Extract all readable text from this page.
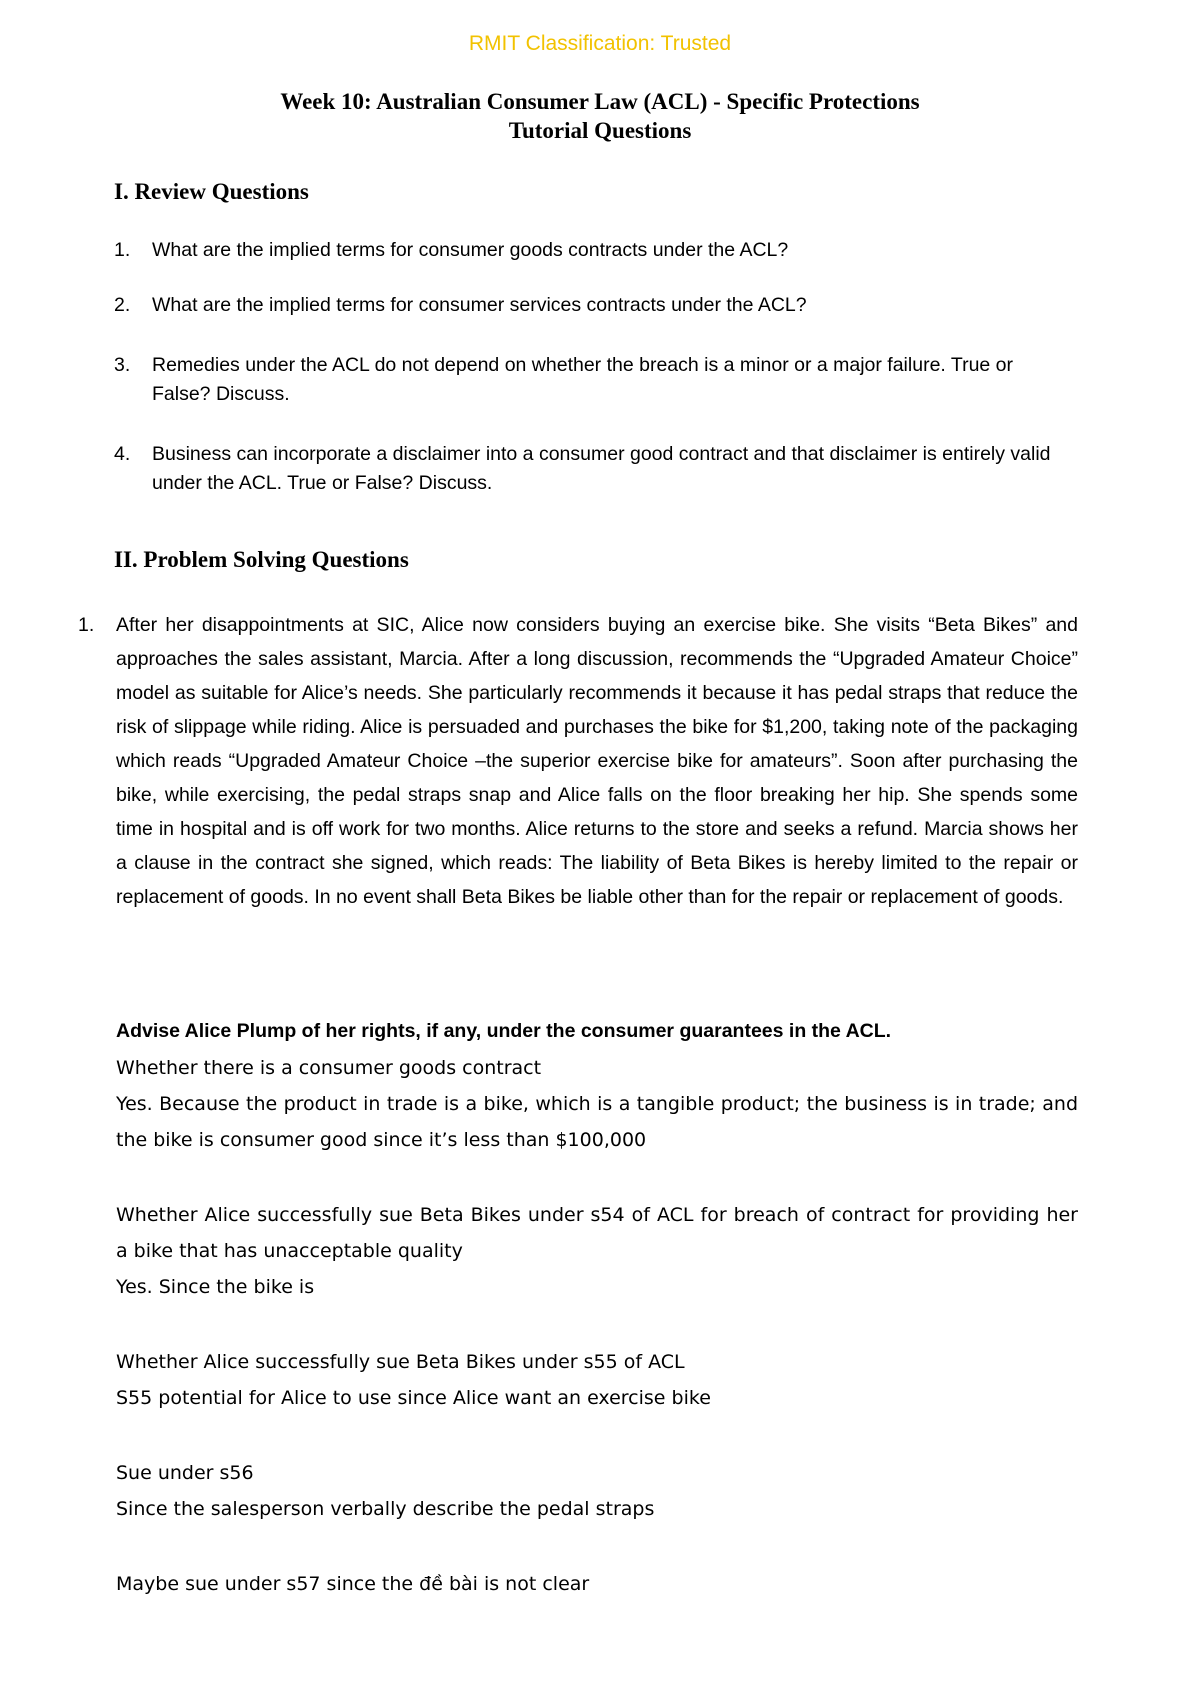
RMIT Classification: Trusted
Week 10: Australian Consumer Law (ACL) - Specific Protections
Tutorial Questions
I. Review Questions
1.	What are the implied terms for consumer goods contracts under the ACL?
2.	What are the implied terms for consumer services contracts under the ACL?
3.	Remedies under the ACL do not depend on whether the breach is a minor or a major failure. True or False? Discuss.
4.	Business can incorporate a disclaimer into a consumer good contract and that disclaimer is entirely valid under the ACL. True or False? Discuss.
II. Problem Solving Questions
1.	After her disappointments at SIC, Alice now considers buying an exercise bike. She visits “Beta Bikes” and approaches the sales assistant, Marcia. After a long discussion, recommends the “Upgraded Amateur Choice” model as suitable for Alice’s needs. She particularly recommends it because it has pedal straps that reduce the risk of slippage while riding. Alice is persuaded and purchases the bike for $1,200, taking note of the packaging which reads “Upgraded Amateur Choice –the superior exercise bike for amateurs”. Soon after purchasing the bike, while exercising, the pedal straps snap and Alice falls on the floor breaking her hip. She spends some time in hospital and is off work for two months. Alice returns to the store and seeks a refund. Marcia shows her a clause in the contract she signed, which reads: The liability of Beta Bikes is hereby limited to the repair or replacement of goods. In no event shall Beta Bikes be liable other than for the repair or replacement of goods.
Advise Alice Plump of her rights, if any, under the consumer guarantees in the ACL.
Whether there is a consumer goods contract
Yes. Because the product in trade is a bike, which is a tangible product; the business is in trade; and the bike is consumer good since it’s less than $100,000
Whether Alice successfully sue Beta Bikes under s54 of ACL for breach of contract for providing her a bike that has unacceptable quality
Yes. Since the bike is
Whether Alice successfully sue Beta Bikes under s55 of ACL
S55 potential for Alice to use since Alice want an exercise bike
Sue under s56
Since the salesperson verbally describe the pedal straps
Maybe sue under s57 since the đề bài is not clear
